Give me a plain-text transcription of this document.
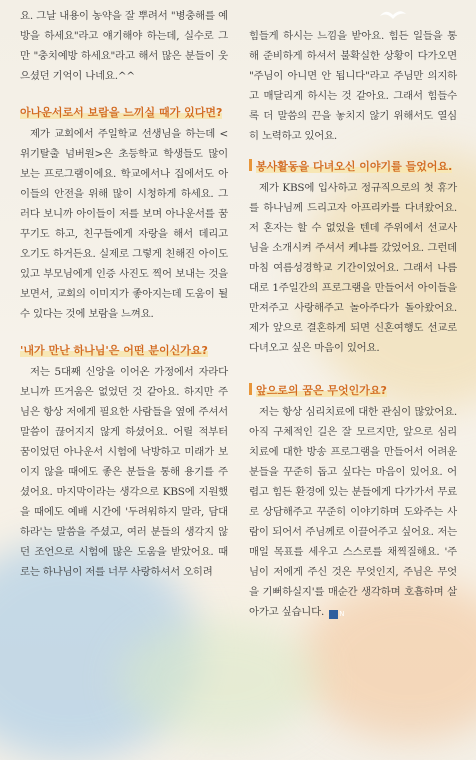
요. 그날 내용이 농약을 잘 뿌려서 "병충해를 예방을 하세요"라고 얘기해야 하는데, 실수로 그만 "충치예방 하세요"라고 해서 많은 분들이 웃으셨던 기억이 나네요.^^

아나운서로서 보람을 느끼실 때가 있다면?

제가 교회에서 주일학교 선생님을 하는데 <위기탈출 넘버원>은 초등학교 학생들도 많이 보는 프로그램이에요. 학교에서나 집에서도 아이들의 안전을 위해 많이 시청하게 하세요. 그러다 보니까 아이들이 저를 보며 아나운서를 꿈꾸기도 하고, 친구들에게 자랑을 해서 데리고 오기도 하거든요. 실제로 그렇게 친해진 아이도 있고 부모님에게 인증 사진도 찍어 보내는 것을 보면서, 교회의 이미지가 좋아지는데 도움이 될 수 있다는 것에 보람을 느껴요.

'내가 만난 하나님'은 어떤 분이신가요?

저는 5대째 신앙을 이어온 가정에서 자라다 보니까 뜨거움은 없었던 것 같아요. 하지만 주님은 항상 저에게 필요한 사람들을 옆에 주셔서 말씀이 끊어지지 않게 하셨어요. 어릴 적부터 꿈이었던 아나운서 시험에 낙방하고 미래가 보이지 않을 때에도 좋은 분들을 통해 용기를 주셨어요. 마지막이라는 생각으로 KBS에 지원했을 때에도 예배 시간에 '두려워하지 말라, 담대하라'는 말씀을 주셨고, 여러 분들의 생각지 않던 조언으로 시험에 많은 도움을 받았어요. 때로는 하나님이 저를 너무 사랑하셔서 오히려

힘들게 하시는 느낌을 받아요. 힘든 일들을 통해 준비하게 하셔서 불확실한 상황이 다가오면 "주님이 아니면 안 됩니다"라고 주님만 의지하고 매달리게 하시는 것 같아요. 그래서 힘들수록 더 말씀의 끈을 놓치지 않기 위해서도 열심히 노력하고 있어요.

봉사활동을 다녀오신 이야기를 들었어요.

제가 KBS에 입사하고 정규직으로의 첫 휴가를 하나님께 드리고자 아프리카를 다녀왔어요. 저 혼자는 할 수 없었을 텐데 주위에서 선교사님을 소개시켜 주셔서 케냐를 갔었어요. 그런데 마침 여름성경학교 기간이었어요. 그래서 나름대로 1주일간의 프로그램을 만들어서 아이들을 만져주고 사랑해주고 놀아주다가 돌아왔어요. 제가 앞으로 결혼하게 되면 신혼여행도 선교로 다녀오고 싶은 마음이 있어요.

앞으로의 꿈은 무엇인가요?

저는 항상 심리치료에 대한 관심이 많았어요. 아직 구체적인 길은 잘 모르지만, 앞으로 심리치료에 대한 방송 프로그램을 만들어서 어려운 분들을 꾸준히 돕고 싶다는 마음이 있어요. 어렵고 힘든 환경에 있는 분들에게 다가가서 무료로 상담해주고 꾸준히 이야기하며 도와주는 사람이 되어서 주님께로 이끌어주고 싶어요. 저는 매일 목표를 세우고 스스로를 채찍질해요. '주님이 저에게 주신 것은 무엇인지, 주님은 무엇을 기뻐하실지'를 매순간 생각하며 호흡하며 살아가고 싶습니다. N
